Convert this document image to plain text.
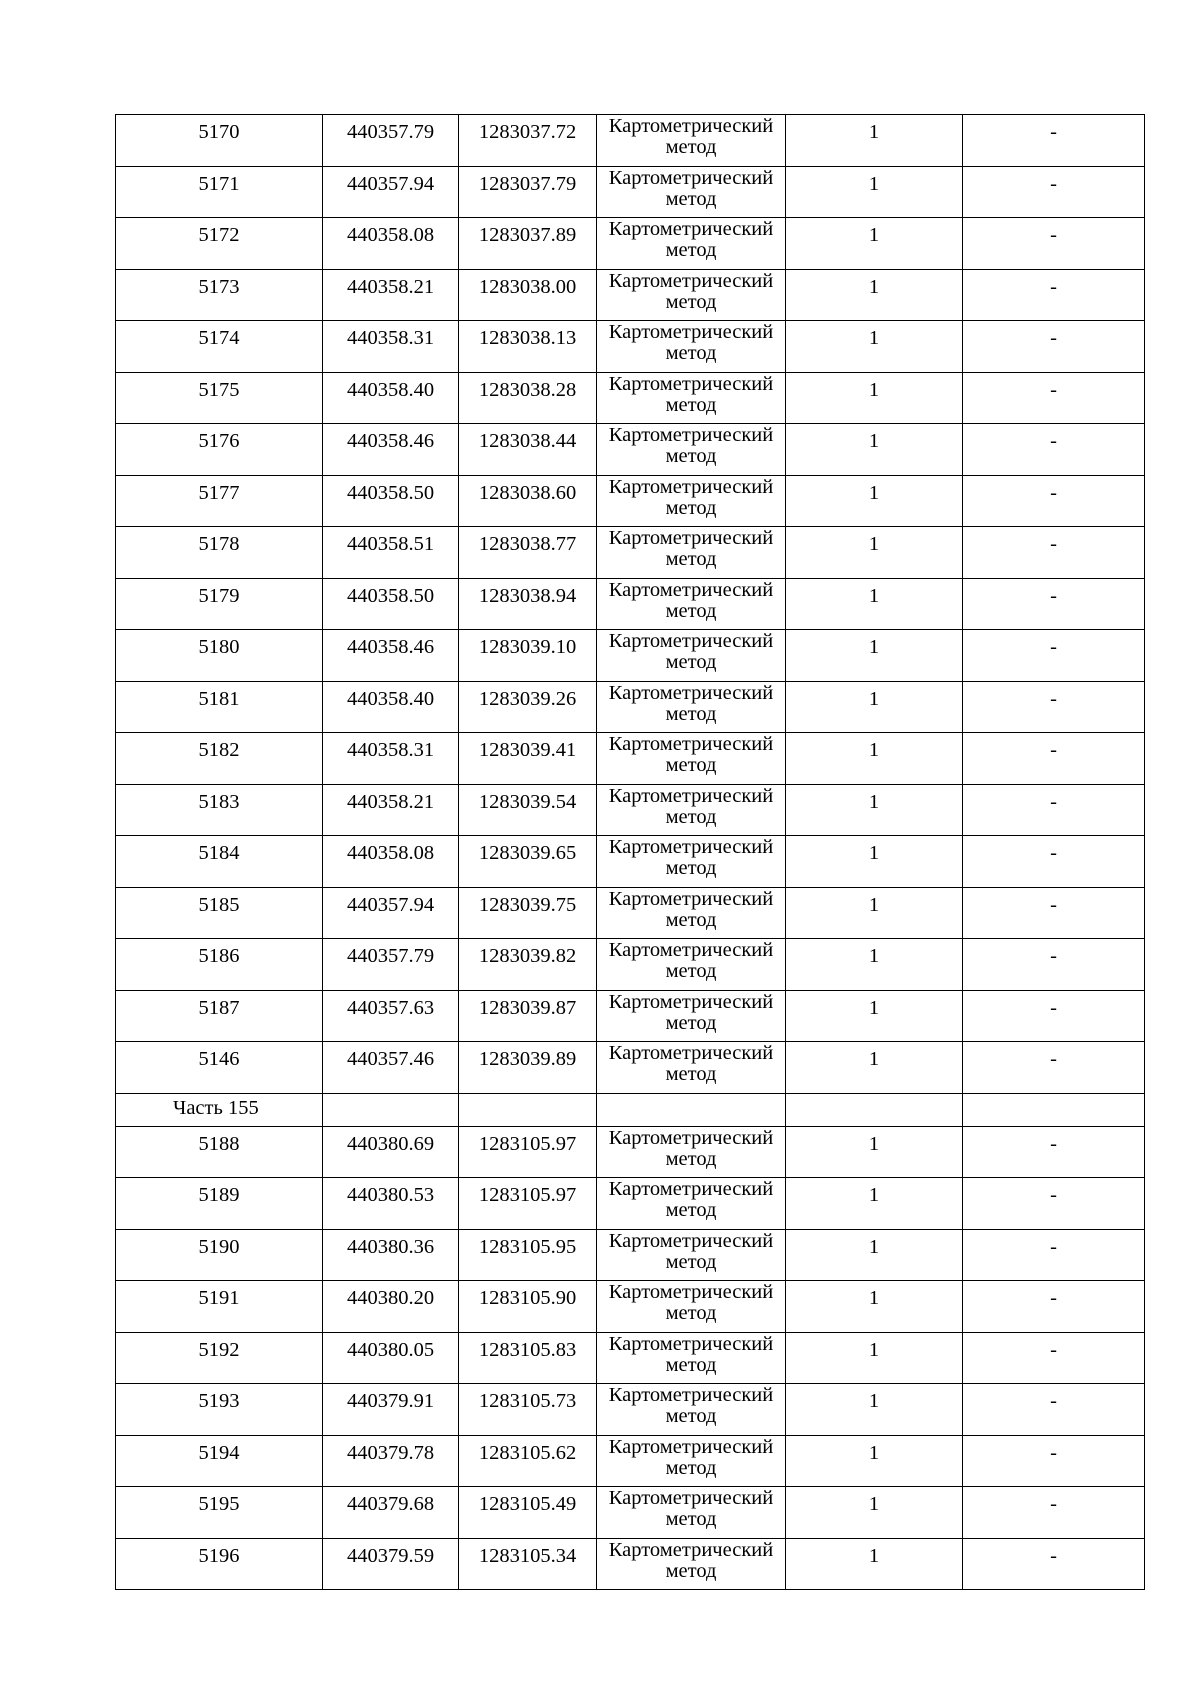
5170	440357.79	1283037.72	Картометрический метод	1	-

5171	440357.94	1283037.79	Картометрический метод	1	-

5172	440358.08	1283037.89	Картометрический метод	1	-

5173	440358.21	1283038.00	Картометрический метод	1	-

5174	440358.31	1283038.13	Картометрический метод	1	-

5175	440358.40	1283038.28	Картометрический метод	1	-

5176	440358.46	1283038.44	Картометрический метод	1	-

5177	440358.50	1283038.60	Картометрический метод	1	-

5178	440358.51	1283038.77	Картометрический метод	1	-

5179	440358.50	1283038.94	Картометрический метод	1	-

5180	440358.46	1283039.10	Картометрический метод	1	-

5181	440358.40	1283039.26	Картометрический метод	1	-

5182	440358.31	1283039.41	Картометрический метод	1	-

5183	440358.21	1283039.54	Картометрический метод	1	-

5184	440358.08	1283039.65	Картометрический метод	1	-

5185	440357.94	1283039.75	Картометрический метод	1	-

5186	440357.79	1283039.82	Картометрический метод	1	-

5187	440357.63	1283039.87	Картометрический метод	1	-

5146	440357.46	1283039.89	Картометрический метод	1	-

Часть 155					

5188	440380.69	1283105.97	Картометрический метод	1	-

5189	440380.53	1283105.97	Картометрический метод	1	-

5190	440380.36	1283105.95	Картометрический метод	1	-

5191	440380.20	1283105.90	Картометрический метод	1	-

5192	440380.05	1283105.83	Картометрический метод	1	-

5193	440379.91	1283105.73	Картометрический метод	1	-

5194	440379.78	1283105.62	Картометрический метод	1	-

5195	440379.68	1283105.49	Картометрический метод	1	-

5196	440379.59	1283105.34	Картометрический метод	1	-
